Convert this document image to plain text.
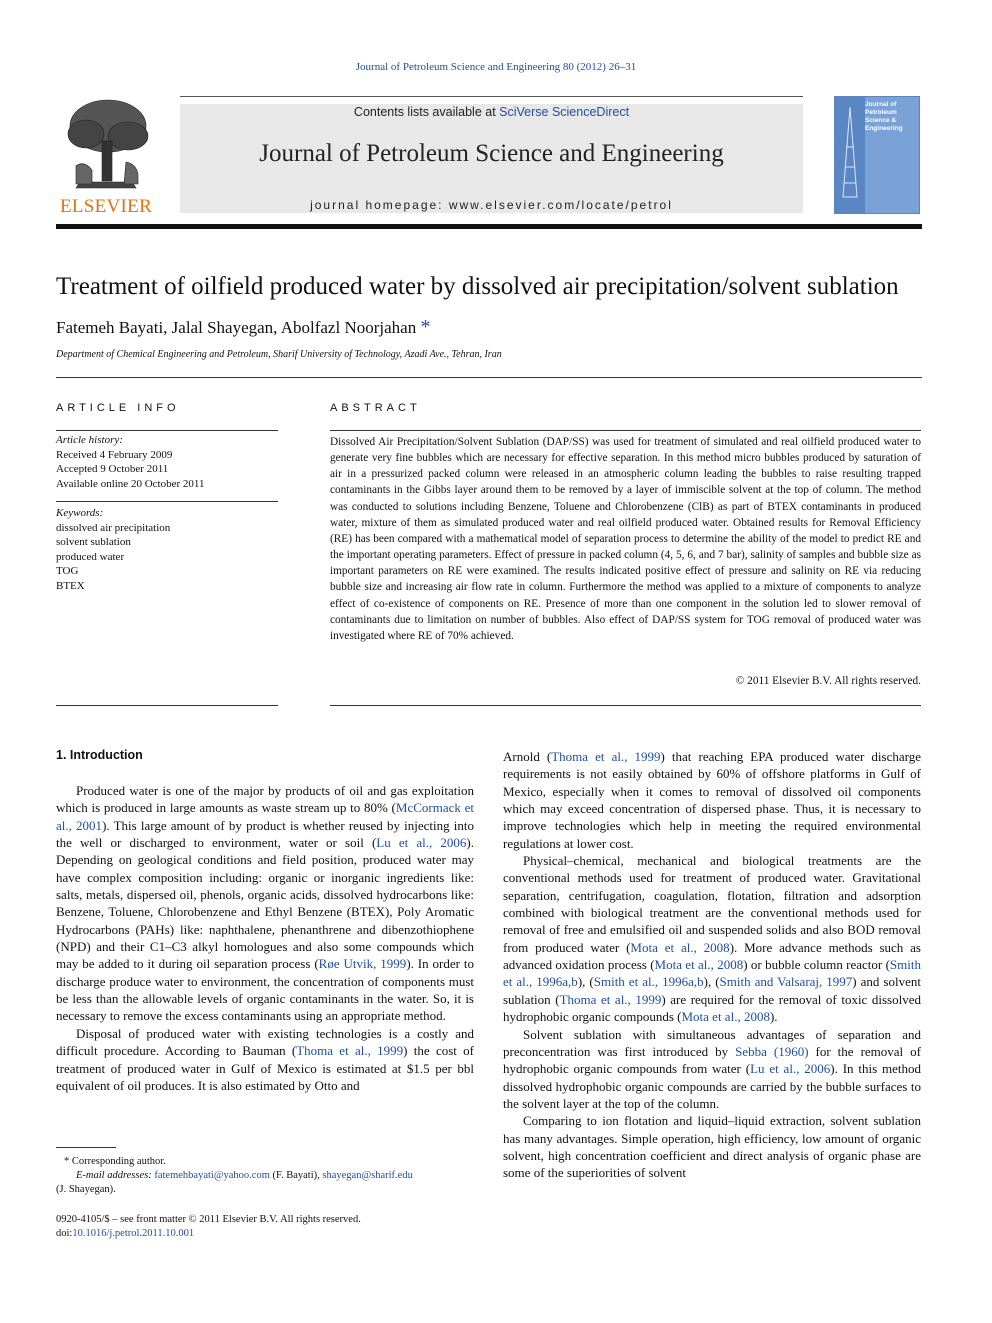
Journal of Petroleum Science and Engineering 80 (2012) 26–31
ELSEVIER
Contents lists available at SciVerse ScienceDirect
Journal of Petroleum Science and Engineering
journal homepage: www.elsevier.com/locate/petrol
Journal of
Petroleum
Science &
Engineering
Treatment of oilfield produced water by dissolved air precipitation/solvent sublation
Fatemeh Bayati, Jalal Shayegan, Abolfazl Noorjahan *
Department of Chemical Engineering and Petroleum, Sharif University of Technology, Azadi Ave., Tehran, Iran
ARTICLE INFO
Article history:
Received 4 February 2009
Accepted 9 October 2011
Available online 20 October 2011
Keywords:
dissolved air precipitation
solvent sublation
produced water
TOG
BTEX
ABSTRACT
Dissolved Air Precipitation/Solvent Sublation (DAP/SS) was used for treatment of simulated and real oilfield produced water to generate very fine bubbles which are necessary for effective separation. In this method micro bubbles produced by saturation of air in a pressurized packed column were released in an atmospheric column leading the bubbles to raise resulting trapped contaminants in the Gibbs layer around them to be removed by a layer of immiscible solvent at the top of column. The method was conducted to solutions including Benzene, Toluene and Chlorobenzene (ClB) as part of BTEX contaminants in produced water, mixture of them as simulated produced water and real oilfield produced water. Obtained results for Removal Efficiency (RE) has been compared with a mathematical model of separation process to determine the ability of the model to predict RE and the important operating parameters. Effect of pressure in packed column (4, 5, 6, and 7 bar), salinity of samples and bubble size as important parameters on RE were examined. The results indicated positive effect of pressure and salinity on RE via reducing bubble size and increasing air flow rate in column. Furthermore the method was applied to a mixture of components to analyze effect of co-existence of components on RE. Presence of more than one component in the solution led to slower removal of contaminants due to limitation on number of bubbles. Also effect of DAP/SS system for TOG removal of produced water was investigated where RE of 70% achieved.
© 2011 Elsevier B.V. All rights reserved.
1. Introduction

Produced water is one of the major by products of oil and gas exploitation which is produced in large amounts as waste stream up to 80% (McCormack et al., 2001). This large amount of by product is whether reused by injecting into the well or discharged to environment, water or soil (Lu et al., 2006). Depending on geological conditions and field position, produced water may have complex composition including: organic or inorganic ingredients like: salts, metals, dispersed oil, phenols, organic acids, dissolved hydrocarbons like: Benzene, Toluene, Chlorobenzene and Ethyl Benzene (BTEX), Poly Aromatic Hydrocarbons (PAHs) like: naphthalene, phenanthrene and dibenzothiophene (NPD) and their C1–C3 alkyl homologues and also some compounds which may be added to it during oil separation process (Røe Utvik, 1999). In order to discharge produce water to environment, the concentration of components must be less than the allowable levels of organic contaminants in the water. So, it is necessary to remove the excess contaminants using an appropriate method.

Disposal of produced water with existing technologies is a costly and difficult procedure. According to Bauman (Thoma et al., 1999) the cost of treatment of produced water in Gulf of Mexico is estimated at $1.5 per bbl equivalent of oil produces. It is also estimated by Otto and

* Corresponding author.
E-mail addresses: fatemehbayati@yahoo.com (F. Bayati), shayegan@sharif.edu
(J. Shayegan).
0920-4105/$ – see front matter © 2011 Elsevier B.V. All rights reserved.
doi:10.1016/j.petrol.2011.10.001

Arnold (Thoma et al., 1999) that reaching EPA produced water discharge requirements is not easily obtained by 60% of offshore platforms in Gulf of Mexico, especially when it comes to removal of dissolved oil components which may exceed concentration of dispersed phase. Thus, it is necessary to improve technologies which help in meeting the required environmental regulations at lower cost.

Physical–chemical, mechanical and biological treatments are the conventional methods used for treatment of produced water. Gravitational separation, centrifugation, coagulation, flotation, filtration and adsorption combined with biological treatment are the conventional methods used for removal of free and emulsified oil and suspended solids and also BOD removal from produced water (Mota et al., 2008). More advance methods such as advanced oxidation process (Mota et al., 2008) or bubble column reactor (Smith et al., 1996a,b), (Smith et al., 1996a,b), (Smith and Valsaraj, 1997) and solvent sublation (Thoma et al., 1999) are required for the removal of toxic dissolved hydrophobic organic compounds (Mota et al., 2008).

Solvent sublation with simultaneous advantages of separation and preconcentration was first introduced by Sebba (1960) for the removal of hydrophobic organic compounds from water (Lu et al., 2006). In this method dissolved hydrophobic organic compounds are carried by the bubble surfaces to the solvent layer at the top of the column.

Comparing to ion flotation and liquid–liquid extraction, solvent sublation has many advantages. Simple operation, high efficiency, low amount of organic solvent, high concentration coefficient and direct analysis of organic phase are some of the superiorities of solvent
